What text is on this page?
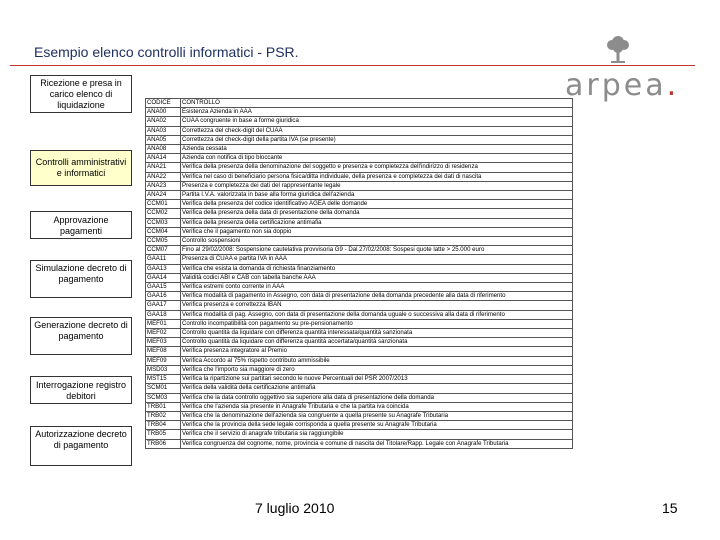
Esempio elenco controlli informatici - PSR.
arpea.
Ricezione e presa in carico elenco di liquidazione
Controlli amministrativi e informatici
Approvazione pagamenti
Simulazione decreto di pagamento
Generazione decreto di pagamento
Interrogazione registro debitori
Autorizzazione decreto di pagamento
CODICE	CONTROLLO
ANA00	Esistenza Azienda in AAA
ANA02	CUAA congruente in base a forme giuridica
ANA03	Correttezza del check-digit del CUAA
ANA05	Correttezza del check-digit della partita IVA (se presente)
ANA08	Azienda cessata
ANA14	Azienda con notifica di tipo bloccante
ANA21	Verifica della presenza della denominazione del soggetto e presenza e completezza dell'indirizzo di residenza
ANA22	Verifica nel caso di beneficiario persona fisica/ditta individuale, della presenza e completezza dei dati di nascita
ANA23	Presenza e completezza dei dati del rappresentante legale
ANA24	Partita I.V.A. valorizzata in base alla forma giuridica dell'azienda
CCM01	Verifica della presenza del codice identificativo AGEA delle domande
CCM02	Verifica della presenza della data di presentazione della domanda
CCM03	Verifica della presenza della certificazione antimafia
CCM04	Verifica che il pagamento non sia doppio
CCM05	Controllo sospensioni
CCM07	Fino al 29/02/2008: Sospensione cautelativa provvisoria G9 - Dal 27/02/2008: Sospesi quote latte > 25.000 euro
GAA11	Presenza di CUAA e partita IVA in AAA
GAA13	Verifica che esista la domanda di richiesta finanziamento
GAA14	Validità codici ABI e CAB con tabella banche AAA
GAA15	Verifica estremi conto corrente in AAA
GAA16	Verifica modalità di pagamento in Assegno, con data di presentazione della domanda precedente alla data di riferimento
GAA17	Verifica presenza e correttezza IBAN
GAA18	Verifica modalità di pag. Assegno, con data di presentazione della domanda uguale o successiva alla data di riferimento
MEF01	Controllo incompatibilità con pagamento su pre-pensionamento
MEF02	Controllo quantità da liquidare con differenza quantità interessata/quantità sanzionata
MEF03	Controllo quantità da liquidare con differenza quantità accertata/quantità sanzionata
MEF08	Verifica presenza integratore al Premio
MEF09	Verifica Accordo al 75% rispetto contributo ammissibile
MSD03	Verifica che l'importo sia maggiore di zero
MST15	Verifica la ripartizione sui partitari secondo le nuove Percentuali del PSR 2007/2013
SCM01	Verifica della validità della certificazione antimafia
SCM03	Verifica che la data controllo oggettivo sia superiore alla data di presentazione della domanda
TRB01	Verifica che l'azienda sia presente in Anagrafe Tributaria e che la partita iva coincida
TRB02	Verifica che la denominazione dell'azienda sia congruente a quella presente su Anagrafe Tributaria
TRB04	Verifica che la provincia della sede legale corrisponda a quella presente su Anagrafe Tributaria
TRB05	Verifica che il servizio di anagrafe tributaria sia raggiungibile
TRB06	Verifica congruenza del cognome, nome, provincia e comune di nascita del Titolare/Rapp. Legale con Anagrafe Tributaria
7 luglio 2010	15
